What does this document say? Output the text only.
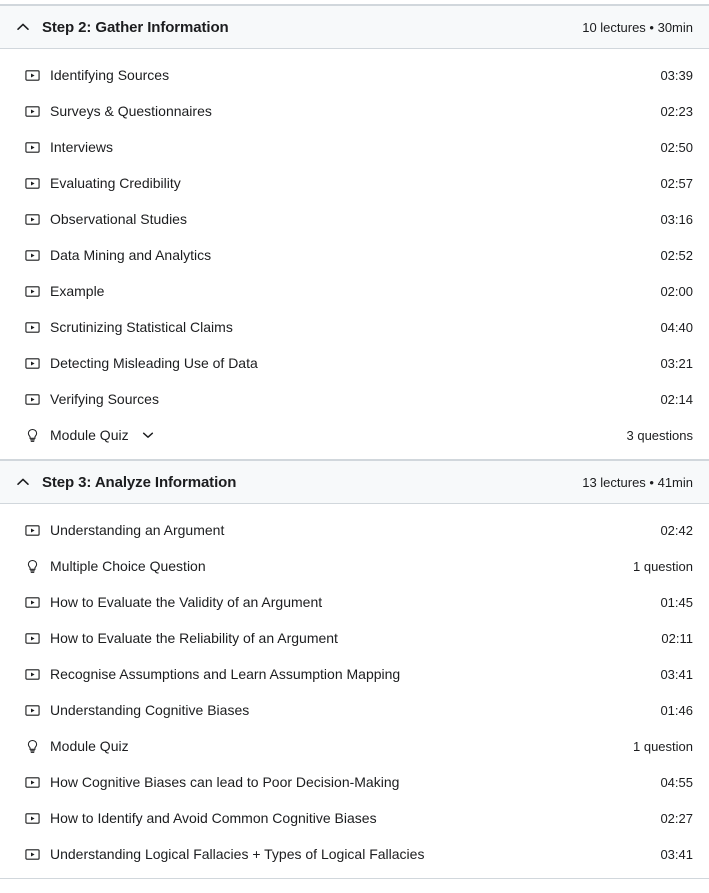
Step 2: Gather Information	10 lectures • 30min
Identifying Sources	03:39
Surveys & Questionnaires	02:23
Interviews	02:50
Evaluating Credibility	02:57
Observational Studies	03:16
Data Mining and Analytics	02:52
Example	02:00
Scrutinizing Statistical Claims	04:40
Detecting Misleading Use of Data	03:21
Verifying Sources	02:14
Module Quiz	3 questions
Step 3: Analyze Information	13 lectures • 41min
Understanding an Argument	02:42
Multiple Choice Question	1 question
How to Evaluate the Validity of an Argument	01:45
How to Evaluate the Reliability of an Argument	02:11
Recognise Assumptions and Learn Assumption Mapping	03:41
Understanding Cognitive Biases	01:46
Module Quiz	1 question
How Cognitive Biases can lead to Poor Decision-Making	04:55
How to Identify and Avoid Common Cognitive Biases	02:27
Understanding Logical Fallacies + Types of Logical Fallacies	03:41
